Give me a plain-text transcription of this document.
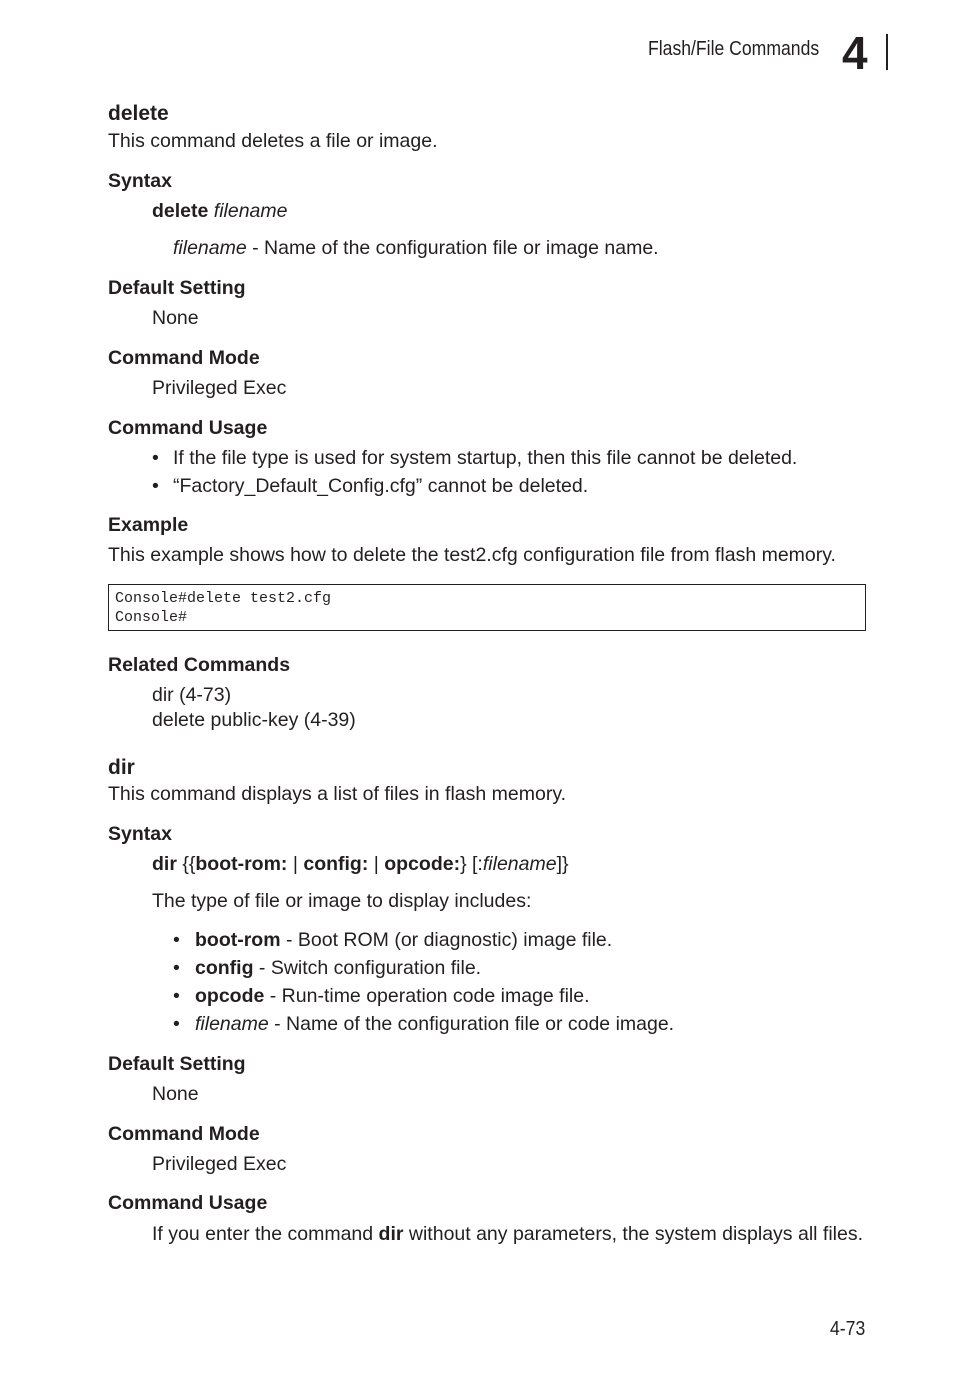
Flash/File Commands 4
delete
This command deletes a file or image.
Syntax
delete filename
filename - Name of the configuration file or image name.
Default Setting
None
Command Mode
Privileged Exec
Command Usage
• If the file type is used for system startup, then this file cannot be deleted.
• “Factory_Default_Config.cfg” cannot be deleted.
Example
This example shows how to delete the test2.cfg configuration file from flash memory.
Console#delete test2.cfg
Console#
Related Commands
dir (4-73)
delete public-key (4-39)
dir
This command displays a list of files in flash memory.
Syntax
dir {{boot-rom: | config: | opcode:} [:filename]}
The type of file or image to display includes:
• boot-rom - Boot ROM (or diagnostic) image file.
• config - Switch configuration file.
• opcode - Run-time operation code image file.
• filename - Name of the configuration file or code image.
Default Setting
None
Command Mode
Privileged Exec
Command Usage
If you enter the command dir without any parameters, the system displays all files.
4-73
